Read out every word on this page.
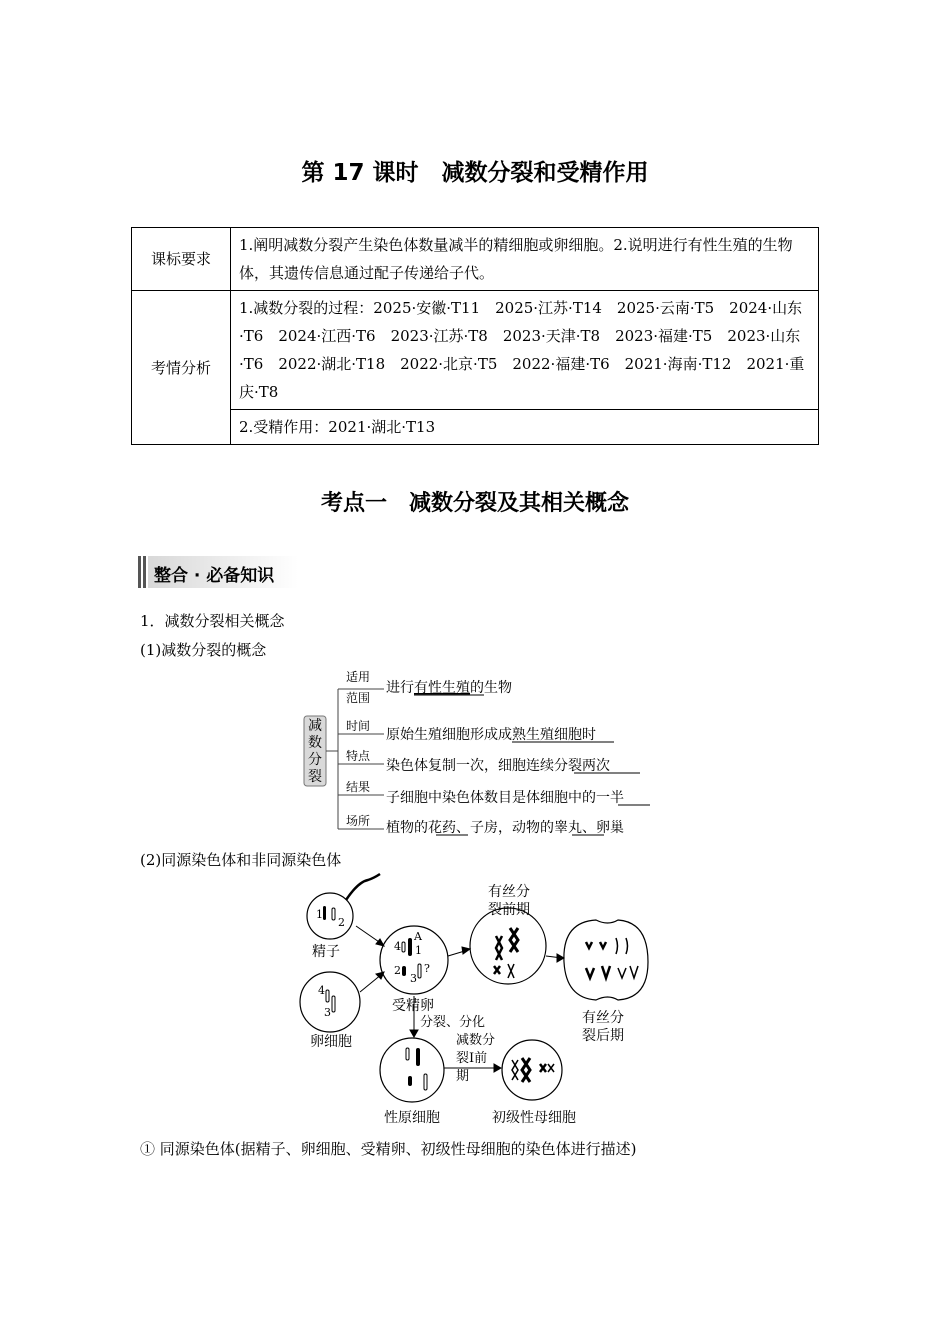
第 17 课时　减数分裂和受精作用
课标要求	1.阐明减数分裂产生染色体数量减半的精细胞或卵细胞。2.说明进行有性生殖的生物体，其遗传信息通过配子传递给子代。
考情分析	1.减数分裂的过程：2025·安徽·T11　2025·江苏·T14　2025·云南·T5　2024·山东·T6　2024·江西·T6　2023·江苏·T8　2023·天津·T8　2023·福建·T5　2023·山东·T6　2022·湖北·T18　2022·北京·T5　2022·福建·T6　2021·海南·T12　2021·重庆·T8
	2.受精作用：2021·湖北·T13
考点一　减数分裂及其相关概念
整合 · 必备知识
1．减数分裂相关概念
(1)减数分裂的概念
减
数
分
裂
适用
范围
时间
特点
结果
场所
进行有性生殖的生物
原始生殖细胞形成成熟生殖细胞时
染色体复制一次，细胞连续分裂两次
子细胞中染色体数目是体细胞中的一半
植物的花药、子房，动物的睾丸、卵巢
(2)同源染色体和非同源染色体
1
2
4
3
4
A
1
2
3
?
精子
卵细胞
受精卵
有丝分
裂前期
有丝分
裂后期
分裂、分化
减数分
裂Ⅰ前
期
性原细胞	初级性母细胞
① 同源染色体(据精子、卵细胞、受精卵、初级性母细胞的染色体进行描述)
